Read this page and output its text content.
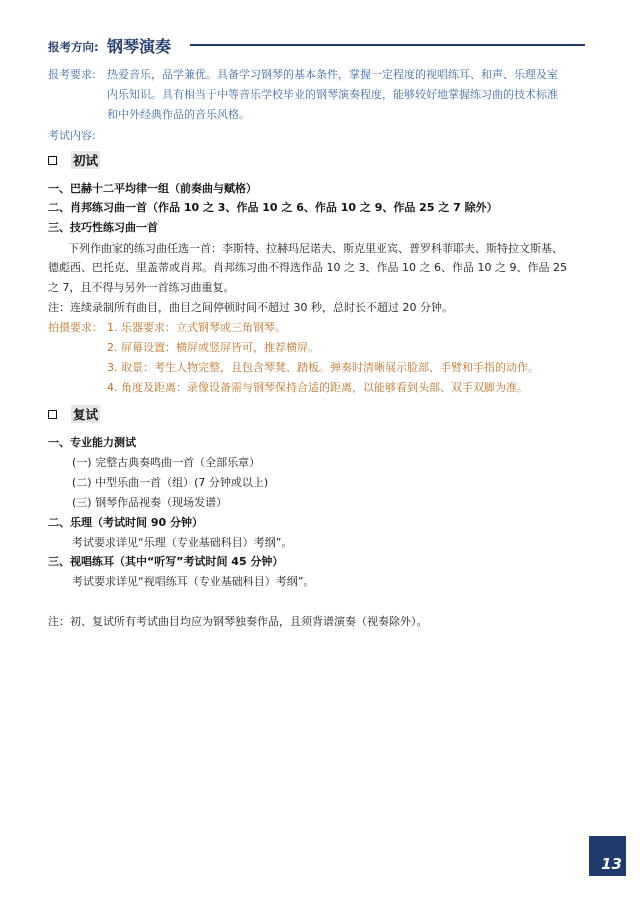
报考方向: 钢琴演奏
报考要求: 热爱音乐，品学兼优。具备学习钢琴的基本条件，掌握一定程度的视唱练耳、和声、乐理及室
内乐知识。具有相当于中等音乐学校毕业的钢琴演奏程度，能够较好地掌握练习曲的技术标准
和中外经典作品的音乐风格。
考试内容:
初试
一、巴赫十二平均律一组（前奏曲与赋格）
二、肖邦练习曲一首（作品 10 之 3、作品 10 之 6、作品 10 之 9、作品 25 之 7 除外）
三、技巧性练习曲一首
下列作曲家的练习曲任选一首：李斯特、拉赫玛尼诺夫、斯克里亚宾、普罗科菲耶夫、斯特拉文斯基、
德彪西、巴托克、里盖蒂或肖邦。肖邦练习曲不得选作品 10 之 3、作品 10 之 6、作品 10 之 9、作品 25
之 7，且不得与另外一首练习曲重复。
注：连续录制所有曲目，曲目之间停顿时间不超过 30 秒，总时长不超过 20 分钟。
拍摄要求： 1. 乐器要求：立式钢琴或三角钢琴。
2. 屏幕设置：横屏或竖屏皆可，推荐横屏。
3. 取景：考生人物完整，且包含琴凳、踏板。弹奏时清晰展示脸部、手臂和手指的动作。
4. 角度及距离：录像设备需与钢琴保持合适的距离，以能够看到头部、双手双脚为准。
复试
一、专业能力测试
(一) 完整古典奏鸣曲一首（全部乐章）
(二) 中型乐曲一首（组）(7 分钟或以上)
(三) 钢琴作品视奏（现场发谱）
二、乐理（考试时间 90 分钟）
考试要求详见“乐理（专业基础科目）考纲”。
三、视唱练耳（其中“听写”考试时间 45 分钟）
考试要求详见“视唱练耳（专业基础科目）考纲”。
注：初、复试所有考试曲目均应为钢琴独奏作品，且须背谱演奏（视奏除外）。
13
